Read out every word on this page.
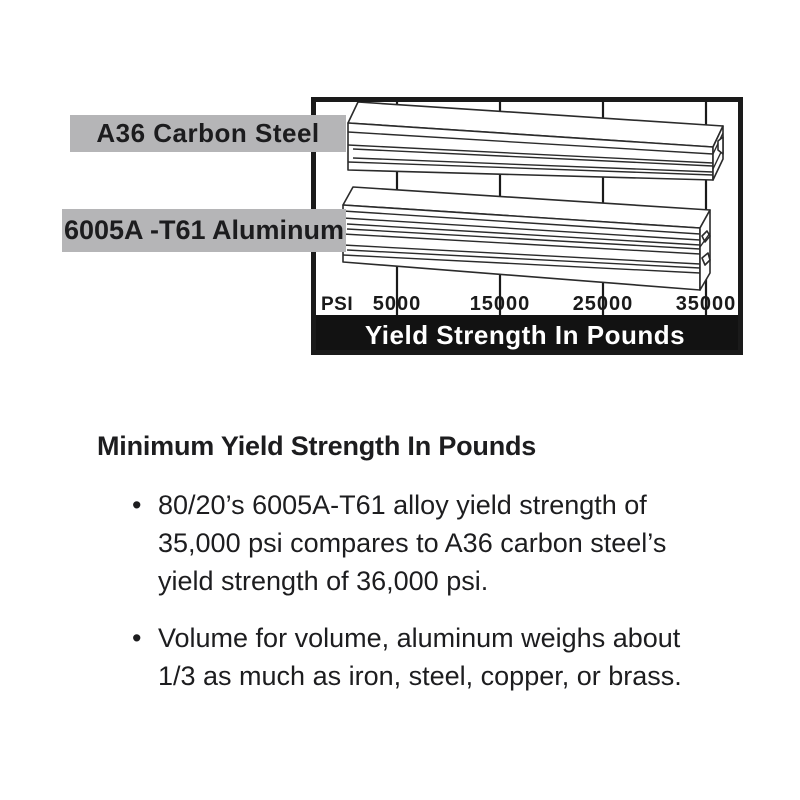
PSI 5000 15000 25000 35000
Yield Strength In Pounds
A36 Carbon Steel
6005A -T61 Aluminum
Minimum Yield Strength In Pounds
• 80/20’s 6005A-T61 alloy yield strength of
35,000 psi compares to A36 carbon steel’s
yield strength of 36,000 psi.
• Volume for volume, aluminum weighs about
1/3 as much as iron, steel, copper, or brass.
